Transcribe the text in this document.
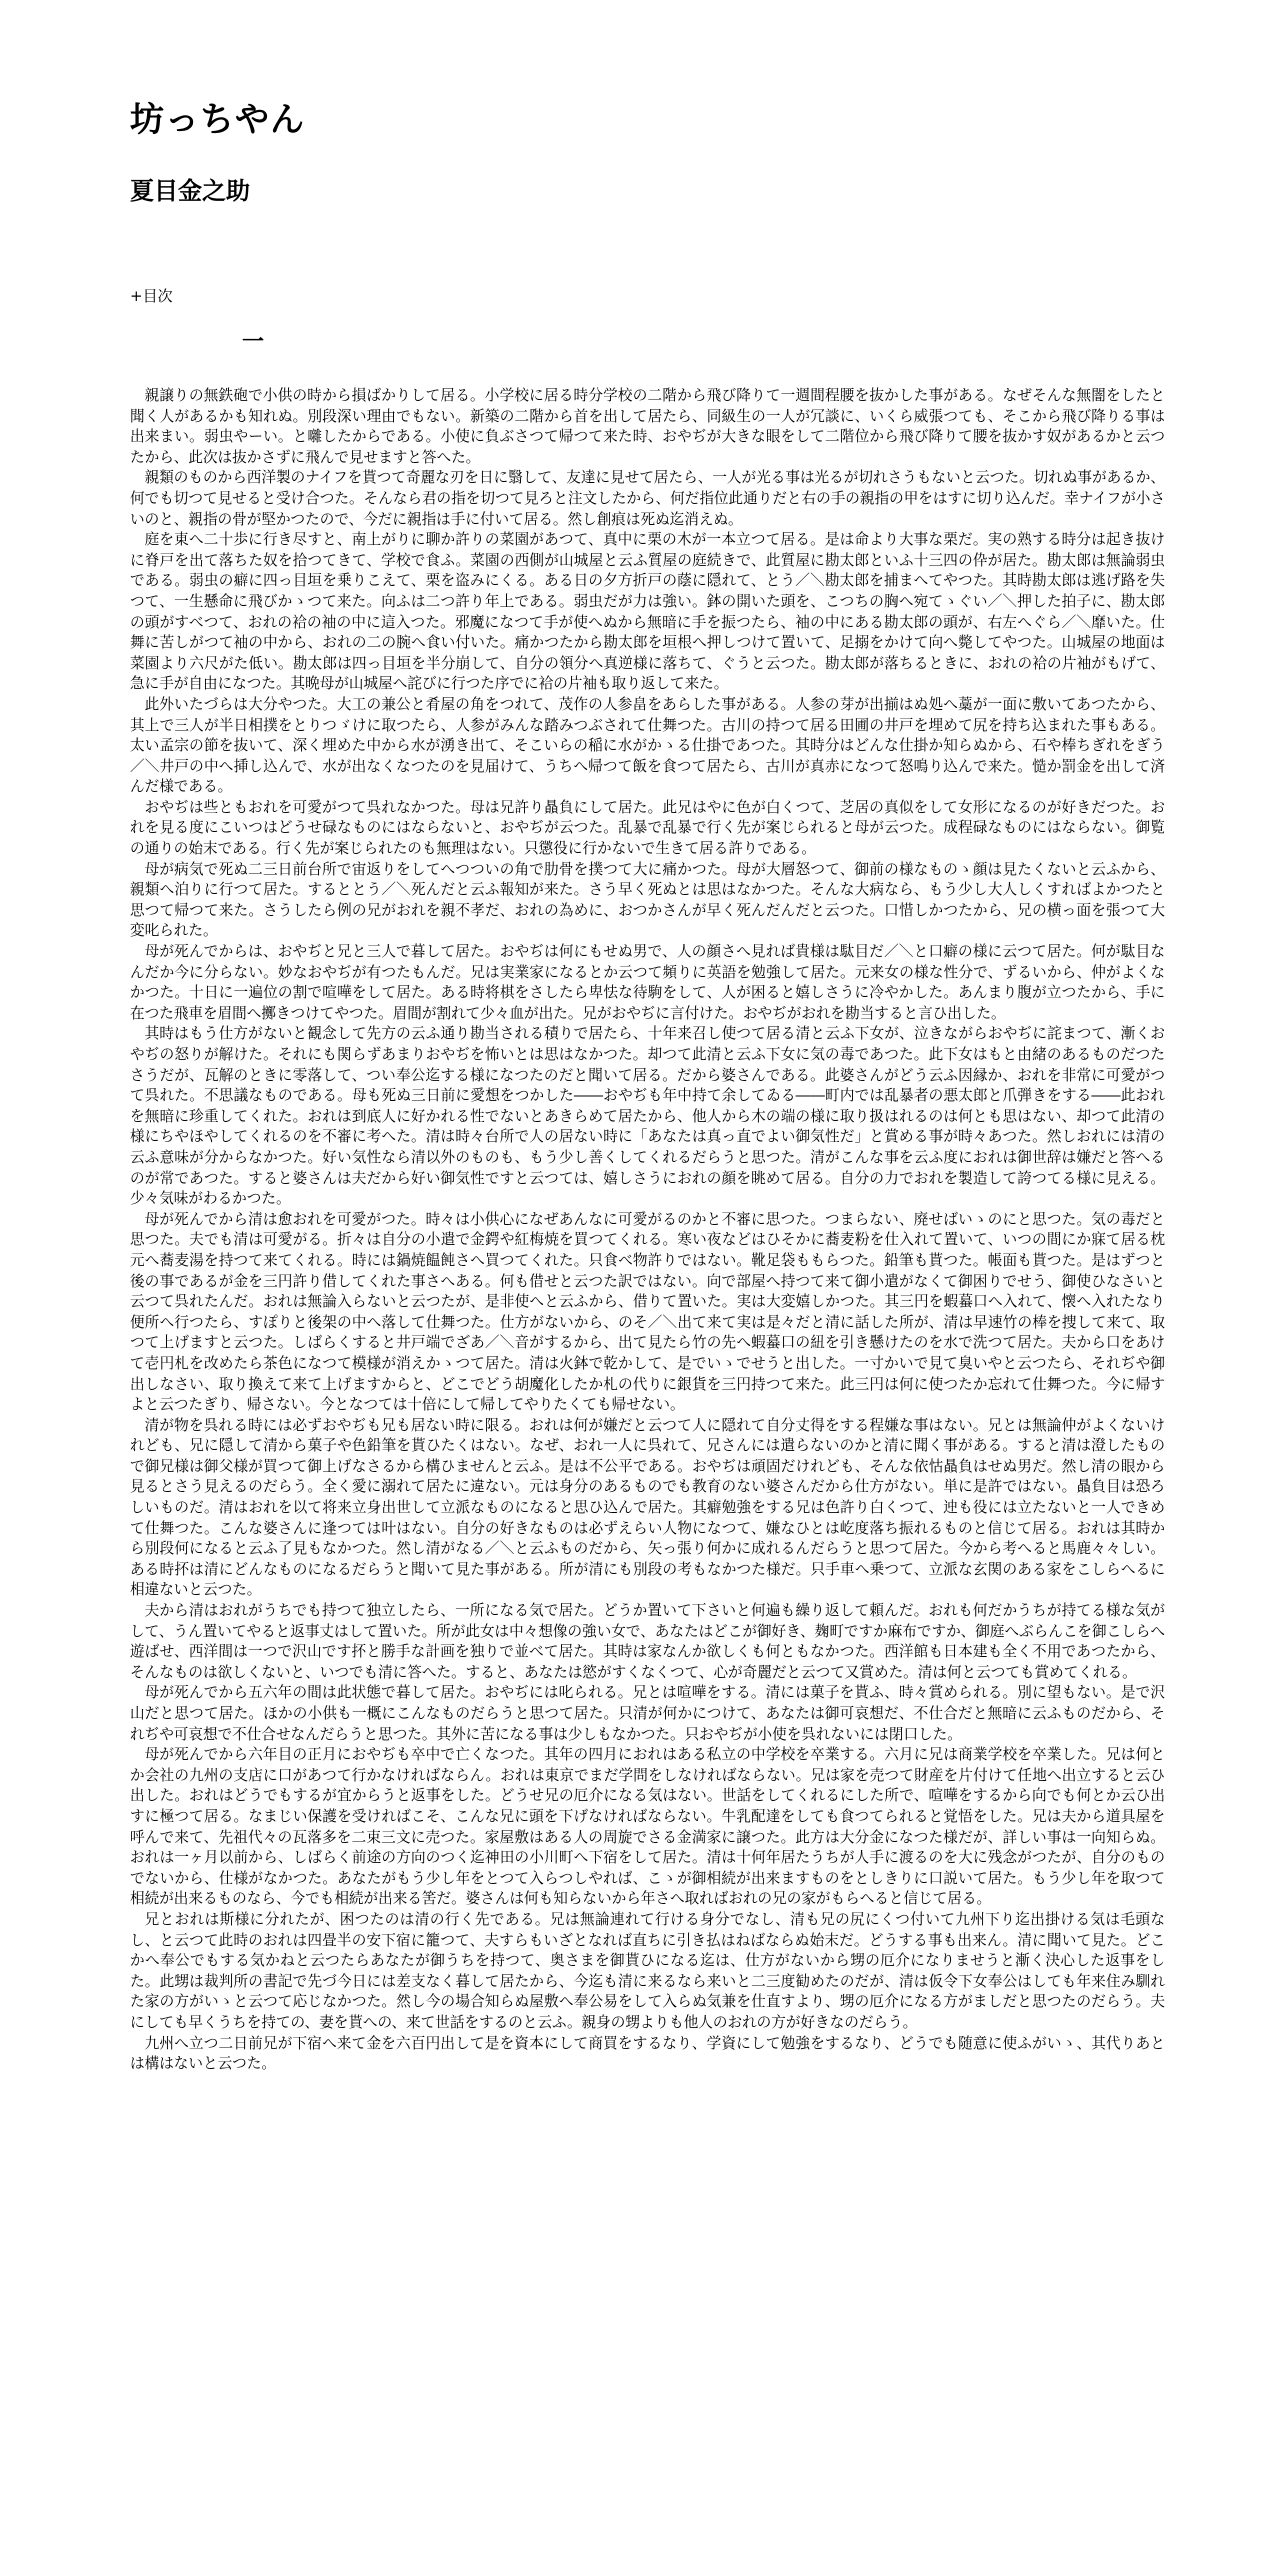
坊っちやん
夏目金之助
+目次
一

親譲りの無鉄砲で小供の時から損ばかりして居る。小学校に居る時分学校の二階から飛び降りて一週間程腰を抜かした事がある。なぜそんな無闇をしたと聞く人があるかも知れぬ。別段深い理由でもない。新築の二階から首を出して居たら、同級生の一人が冗談に、いくら威張つても、そこから飛び降りる事は出来まい。弱虫やーい。と囃したからである。小使に負ぶさつて帰つて来た時、おやぢが大きな眼をして二階位から飛び降りて腰を抜かす奴があるかと云つたから、此次は抜かさずに飛んで見せますと答へた。

親類のものから西洋製のナイフを貰つて奇麗な刃を日に翳して、友達に見せて居たら、一人が光る事は光るが切れさうもないと云つた。切れぬ事があるか、何でも切つて見せると受け合つた。そんなら君の指を切つて見ろと注文したから、何だ指位此通りだと右の手の親指の甲をはすに切り込んだ。幸ナイフが小さいのと、親指の骨が堅かつたので、今だに親指は手に付いて居る。然し創痕は死ぬ迄消えぬ。

庭を東へ二十歩に行き尽すと、南上がりに聊か許りの菜園があつて、真中に栗の木が一本立つて居る。是は命より大事な栗だ。実の熟する時分は起き抜けに脊戸を出て落ちた奴を拾つてきて、学校で食ふ。菜園の西側が山城屋と云ふ質屋の庭続きで、此質屋に勘太郎といふ十三四の伜が居た。勘太郎は無論弱虫である。弱虫の癖に四っ目垣を乗りこえて、栗を盗みにくる。ある日の夕方折戸の蔭に隠れて、とう／＼勘太郎を捕まへてやつた。其時勘太郎は逃げ路を失つて、一生懸命に飛びかゝつて来た。向ふは二つ許り年上である。弱虫だが力は強い。鉢の開いた頭を、こつちの胸へ宛てゝぐい／＼押した拍子に、勘太郎の頭がすべつて、おれの袷の袖の中に這入つた。邪魔になつて手が使へぬから無暗に手を振つたら、袖の中にある勘太郎の頭が、右左へぐら／＼靡いた。仕舞に苦しがつて袖の中から、おれの二の腕へ食い付いた。痛かつたから勘太郎を垣根へ押しつけて置いて、足搦をかけて向へ斃してやつた。山城屋の地面は菜園より六尺がた低い。勘太郎は四っ目垣を半分崩して、自分の領分へ真逆様に落ちて、ぐうと云つた。勘太郎が落ちるときに、おれの袷の片袖がもげて、急に手が自由になつた。其晩母が山城屋へ詫びに行つた序でに袷の片袖も取り返して来た。

此外いたづらは大分やつた。大工の兼公と肴屋の角をつれて、茂作の人参畠をあらした事がある。人参の芽が出揃はぬ処へ藁が一面に敷いてあつたから、其上で三人が半日相撲をとりつゞけに取つたら、人参がみんな踏みつぶされて仕舞つた。古川の持つて居る田圃の井戸を埋めて尻を持ち込まれた事もある。太い孟宗の節を抜いて、深く埋めた中から水が湧き出て、そこいらの稲に水がかゝる仕掛であつた。其時分はどんな仕掛か知らぬから、石や棒ちぎれをぎう／＼井戸の中へ挿し込んで、水が出なくなつたのを見届けて、うちへ帰つて飯を食つて居たら、古川が真赤になつて怒鳴り込んで来た。慥か罰金を出して済んだ様である。

おやぢは些ともおれを可愛がつて呉れなかつた。母は兄許り贔負にして居た。此兄はやに色が白くつて、芝居の真似をして女形になるのが好きだつた。おれを見る度にこいつはどうせ碌なものにはならないと、おやぢが云つた。乱暴で乱暴で行く先が案じられると母が云つた。成程碌なものにはならない。御覧の通りの始末である。行く先が案じられたのも無理はない。只懲役に行かないで生きて居る許りである。

母が病気で死ぬ二三日前台所で宙返りをしてへつついの角で肋骨を撲つて大に痛かつた。母が大層怒つて、御前の様なものゝ顔は見たくないと云ふから、親類へ泊りに行つて居た。するととう／＼死んだと云ふ報知が来た。さう早く死ぬとは思はなかつた。そんな大病なら、もう少し大人しくすればよかつたと思つて帰つて来た。さうしたら例の兄がおれを親不孝だ、おれの為めに、おつかさんが早く死んだんだと云つた。口惜しかつたから、兄の横っ面を張つて大変叱られた。

母が死んでからは、おやぢと兄と三人で暮して居た。おやぢは何にもせぬ男で、人の顔さへ見れば貴様は駄目だ／＼と口癖の様に云つて居た。何が駄目なんだか今に分らない。妙なおやぢが有つたもんだ。兄は実業家になるとか云つて頻りに英語を勉強して居た。元来女の様な性分で、ずるいから、仲がよくなかつた。十日に一遍位の割で喧嘩をして居た。ある時将棋をさしたら卑怯な待駒をして、人が困ると嬉しさうに冷やかした。あんまり腹が立つたから、手に在つた飛車を眉間へ擲きつけてやつた。眉間が割れて少々血が出た。兄がおやぢに言付けた。おやぢがおれを勘当すると言ひ出した。

其時はもう仕方がないと観念して先方の云ふ通り勘当される積りで居たら、十年来召し使つて居る清と云ふ下女が、泣きながらおやぢに詫まつて、漸くおやぢの怒りが解けた。それにも関らずあまりおやぢを怖いとは思はなかつた。却つて此清と云ふ下女に気の毒であつた。此下女はもと由緒のあるものだつたさうだが、瓦解のときに零落して、つい奉公迄する様になつたのだと聞いて居る。だから婆さんである。此婆さんがどう云ふ因縁か、おれを非常に可愛がつて呉れた。不思議なものである。母も死ぬ三日前に愛想をつかした――おやぢも年中持て余してゐる――町内では乱暴者の悪太郎と爪弾きをする――此おれを無暗に珍重してくれた。おれは到底人に好かれる性でないとあきらめて居たから、他人から木の端の様に取り扱はれるのは何とも思はない、却つて此清の様にちやほやしてくれるのを不審に考へた。清は時々台所で人の居ない時に「あなたは真っ直でよい御気性だ」と賞める事が時々あつた。然しおれには清の云ふ意味が分からなかつた。好い気性なら清以外のものも、もう少し善くしてくれるだらうと思つた。清がこんな事を云ふ度におれは御世辞は嫌だと答へるのが常であつた。すると婆さんは夫だから好い御気性ですと云つては、嬉しさうにおれの顔を眺めて居る。自分の力でおれを製造して誇つてる様に見える。少々気味がわるかつた。

母が死んでから清は愈おれを可愛がつた。時々は小供心になぜあんなに可愛がるのかと不審に思つた。つまらない、廃せばいゝのにと思つた。気の毒だと思つた。夫でも清は可愛がる。折々は自分の小遣で金鍔や紅梅焼を買つてくれる。寒い夜などはひそかに蕎麦粉を仕入れて置いて、いつの間にか寐て居る枕元へ蕎麦湯を持つて来てくれる。時には鍋焼饂飩さへ買つてくれた。只食べ物許りではない。靴足袋ももらつた。鉛筆も貰つた。帳面も貰つた。是はずつと後の事であるが金を三円許り借してくれた事さへある。何も借せと云つた訳ではない。向で部屋へ持つて来て御小遣がなくて御困りでせう、御使ひなさいと云つて呉れたんだ。おれは無論入らないと云つたが、是非使へと云ふから、借りて置いた。実は大変嬉しかつた。其三円を蝦蟇口へ入れて、懐へ入れたなり便所へ行つたら、すぽりと後架の中へ落して仕舞つた。仕方がないから、のそ／＼出て来て実は是々だと清に話した所が、清は早速竹の棒を捜して来て、取つて上げますと云つた。しばらくすると井戸端でざあ／＼音がするから、出て見たら竹の先へ蝦蟇口の紐を引き懸けたのを水で洗つて居た。夫から口をあけて壱円札を改めたら茶色になつて模様が消えかゝつて居た。清は火鉢で乾かして、是でいゝでせうと出した。一寸かいで見て臭いやと云つたら、それぢや御出しなさい、取り換えて来て上げますからと、どこでどう胡魔化したか札の代りに銀貨を三円持つて来た。此三円は何に使つたか忘れて仕舞つた。今に帰すよと云つたぎり、帰さない。今となつては十倍にして帰してやりたくても帰せない。

清が物を呉れる時には必ずおやぢも兄も居ない時に限る。おれは何が嫌だと云つて人に隠れて自分丈得をする程嫌な事はない。兄とは無論仲がよくないけれども、兄に隠して清から菓子や色鉛筆を貰ひたくはない。なぜ、おれ一人に呉れて、兄さんには遣らないのかと清に聞く事がある。すると清は澄したもので御兄様は御父様が買つて御上げなさるから構ひませんと云ふ。是は不公平である。おやぢは頑固だけれども、そんな依怙贔負はせぬ男だ。然し清の眼から見るとさう見えるのだらう。全く愛に溺れて居たに違ない。元は身分のあるものでも教育のない婆さんだから仕方がない。単に是許ではない。贔負目は恐ろしいものだ。清はおれを以て将来立身出世して立派なものになると思ひ込んで居た。其癖勉強をする兄は色許り白くつて、迚も役には立たないと一人できめて仕舞つた。こんな婆さんに逢つては叶はない。自分の好きなものは必ずえらい人物になつて、嫌なひとは屹度落ち振れるものと信じて居る。おれは其時から別段何になると云ふ了見もなかつた。然し清がなる／＼と云ふものだから、矢っ張り何かに成れるんだらうと思つて居た。今から考へると馬鹿々々しい。ある時抔は清にどんなものになるだらうと聞いて見た事がある。所が清にも別段の考もなかつた様だ。只手車へ乗つて、立派な玄関のある家をこしらへるに相違ないと云つた。

夫から清はおれがうちでも持つて独立したら、一所になる気で居た。どうか置いて下さいと何遍も繰り返して頼んだ。おれも何だかうちが持てる様な気がして、うん置いてやると返事丈はして置いた。所が此女は中々想像の強い女で、あなたはどこが御好き、麹町ですか麻布ですか、御庭へぶらんこを御こしらへ遊ばせ、西洋間は一つで沢山です抔と勝手な計画を独りで並べて居た。其時は家なんか欲しくも何ともなかつた。西洋館も日本建も全く不用であつたから、そんなものは欲しくないと、いつでも清に答へた。すると、あなたは慾がすくなくつて、心が奇麗だと云つて又賞めた。清は何と云つても賞めてくれる。

母が死んでから五六年の間は此状態で暮して居た。おやぢには叱られる。兄とは喧嘩をする。清には菓子を貰ふ、時々賞められる。別に望もない。是で沢山だと思つて居た。ほかの小供も一概にこんなものだらうと思つて居た。只清が何かにつけて、あなたは御可哀想だ、不仕合だと無暗に云ふものだから、それぢや可哀想で不仕合せなんだらうと思つた。其外に苦になる事は少しもなかつた。只おやぢが小使を呉れないには閉口した。

母が死んでから六年目の正月におやぢも卒中で亡くなつた。其年の四月におれはある私立の中学校を卒業する。六月に兄は商業学校を卒業した。兄は何とか会社の九州の支店に口があつて行かなければならん。おれは東京でまだ学問をしなければならない。兄は家を売つて財産を片付けて任地へ出立すると云ひ出した。おれはどうでもするが宜からうと返事をした。どうせ兄の厄介になる気はない。世話をしてくれるにした所で、喧嘩をするから向でも何とか云ひ出すに極つて居る。なまじい保護を受ければこそ、こんな兄に頭を下げなければならない。牛乳配達をしても食つてられると覚悟をした。兄は夫から道具屋を呼んで来て、先祖代々の瓦落多を二束三文に売つた。家屋敷はある人の周旋でさる金満家に譲つた。此方は大分金になつた様だが、詳しい事は一向知らぬ。おれは一ヶ月以前から、しばらく前途の方向のつく迄神田の小川町へ下宿をして居た。清は十何年居たうちが人手に渡るのを大に残念がつたが、自分のものでないから、仕様がなかつた。あなたがもう少し年をとつて入らつしやれば、こゝが御相続が出来ますものをとしきりに口説いて居た。もう少し年を取つて相続が出来るものなら、今でも相続が出来る筈だ。婆さんは何も知らないから年さへ取ればおれの兄の家がもらへると信じて居る。

兄とおれは斯様に分れたが、困つたのは清の行く先である。兄は無論連れて行ける身分でなし、清も兄の尻にくつ付いて九州下り迄出掛ける気は毛頭なし、と云つて此時のおれは四畳半の安下宿に籠つて、夫すらもいざとなれば直ちに引き払はねばならぬ始末だ。どうする事も出来ん。清に聞いて見た。どこかへ奉公でもする気かねと云つたらあなたが御うちを持つて、奥さまを御貰ひになる迄は、仕方がないから甥の厄介になりませうと漸く決心した返事をした。此甥は裁判所の書記で先づ今日には差支なく暮して居たから、今迄も清に来るなら来いと二三度勧めたのだが、清は仮令下女奉公はしても年来住み馴れた家の方がいゝと云つて応じなかつた。然し今の場合知らぬ屋敷へ奉公易をして入らぬ気兼を仕直すより、甥の厄介になる方がましだと思つたのだらう。夫にしても早くうちを持ての、妻を貰への、来て世話をするのと云ふ。親身の甥よりも他人のおれの方が好きなのだらう。

九州へ立つ二日前兄が下宿へ来て金を六百円出して是を資本にして商買をするなり、学資にして勉強をするなり、どうでも随意に使ふがいゝ、其代りあとは構はないと云つた。
